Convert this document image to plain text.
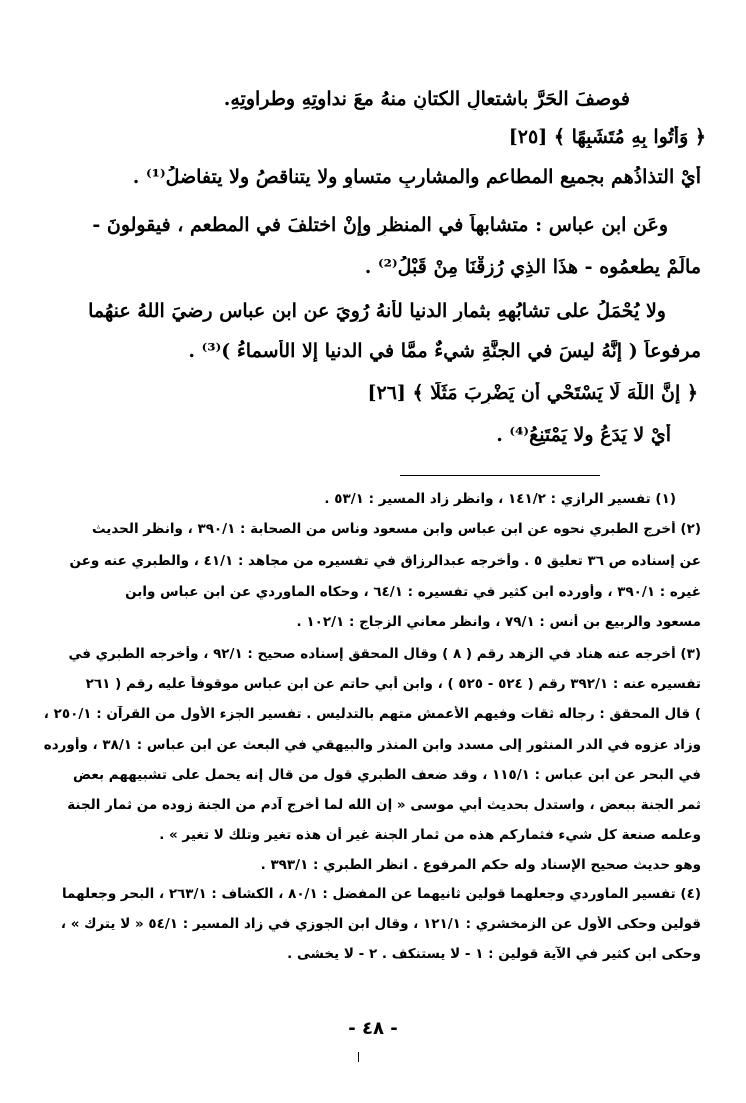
فوصفَ الحَرَّ باشتعالِ الكتانِ منهُ معَ نداوتِهِ وطراوتِهِ.
﴿ وَأُتُوا بِهِ مُتَشَبِهًا ﴾ [٢٥]
أيْ التذاذُهم بجميعِ المطاعمِ والمشاربِ متساوٍ ولا يتناقصُ ولا يتفاضلُ⁽¹⁾ .
وعَن ابنِ عباسٍ : متشابهاً في المنظرِ وإنْ اختلفَ في المطعمِ ، فيقولونَ -
مالَمْ يطعمُوه - هذَا الذِي رُزقْنَا مِنْ قَبْلُ⁽²⁾ .
ولا يُحْمَلُ على تشابُهِهِ بثمارِ الدنيا لأنهُ رُوِيَ عن ابنِ عباسٍ رضيَ اللهُ عنهُما
مرفوعاً ( إنَّهُ ليسَ في الجنَّةِ شيءٌ ممَّا في الدنيا إلا الأسماءُ )⁽³⁾ .
﴿ إِنَّ اللَّهَ لَا يَسْتَحْيِ أَن يَضْرِبَ مَثَلًا ﴾ [٢٦]
أيْ لا يَدَعُ ولا يَمْتَنِعُ⁽⁴⁾ .
(١) تفسير الرازي : ١٤١/٢ ، وانظر زاد المسير : ٥٣/١ .
(٢) أخرج الطبري نحوه عن ابن عباس وابن مسعود وناس من الصحابة : ٣٩٠/١ ، وانظر الحديث
عن إسناده ص ٣٦ تعليق ٥ . وأخرجه عبدالرزاق في تفسيره من مجاهد : ٤١/١ ، والطبري عنه وعن
غيره : ٣٩٠/١ ، وأورده ابن كثير في تفسيره : ٦٤/١ ، وحكاه الماوردي عن ابن عباس وابن
مسعود والربيع بن أنس : ٧٩/١ ، وانظر معاني الزجاج : ١٠٢/١ .
(٣) أخرجه عنه هناد في الزهد رقم ( ٨ ) وقال المحقق إسناده صحيح : ٩٢/١ ، وأخرجه الطبري في
تفسيره عنه : ٣٩٢/١ رقم ( ٥٢٤ - ٥٢٥ ) ، وابن أبي حاتم عن ابن عباس موقوفاً عليه رقم ( ٢٦١
) قال المحقق : رجاله ثقات وفيهم الأعمش متهم بالتدليس . تفسير الجزء الأول من القرآن : ٢٥٠/١ ،
وزاد عزوه في الدر المنثور إلى مسدد وابن المنذر والبيهقي في البعث عن ابن عباس : ٣٨/١ ، وأورده
في البحر عن ابن عباس : ١١٥/١ ، وقد ضعف الطبري قول من قال إنه يحمل على تشبيههم بعض
ثمر الجنة ببعض ، واستدل بحديث أبي موسى « إن الله لما أخرج آدم من الجنة زوده من ثمار الجنة
وعلمه صنعة كل شيء فثماركم هذه من ثمار الجنة غير أن هذه تغير وتلك لا تغير » .
وهو حديث صحيح الإسناد وله حكم المرفوع . انظر الطبري : ٣٩٣/١ .
(٤) تفسير الماوردي وجعلهما قولين ثانيهما عن المفضل : ٨٠/١ ، الكشاف : ٢٦٣/١ ، البحر وجعلهما
قولين وحكى الأول عن الزمخشري : ١٢١/١ ، وقال ابن الجوزي في زاد المسير : ٥٤/١ « لا يترك » ،
وحكى ابن كثير في الآية قولين : ١ - لا يستنكف . ٢ - لا يخشى .
- ٤٨ -
